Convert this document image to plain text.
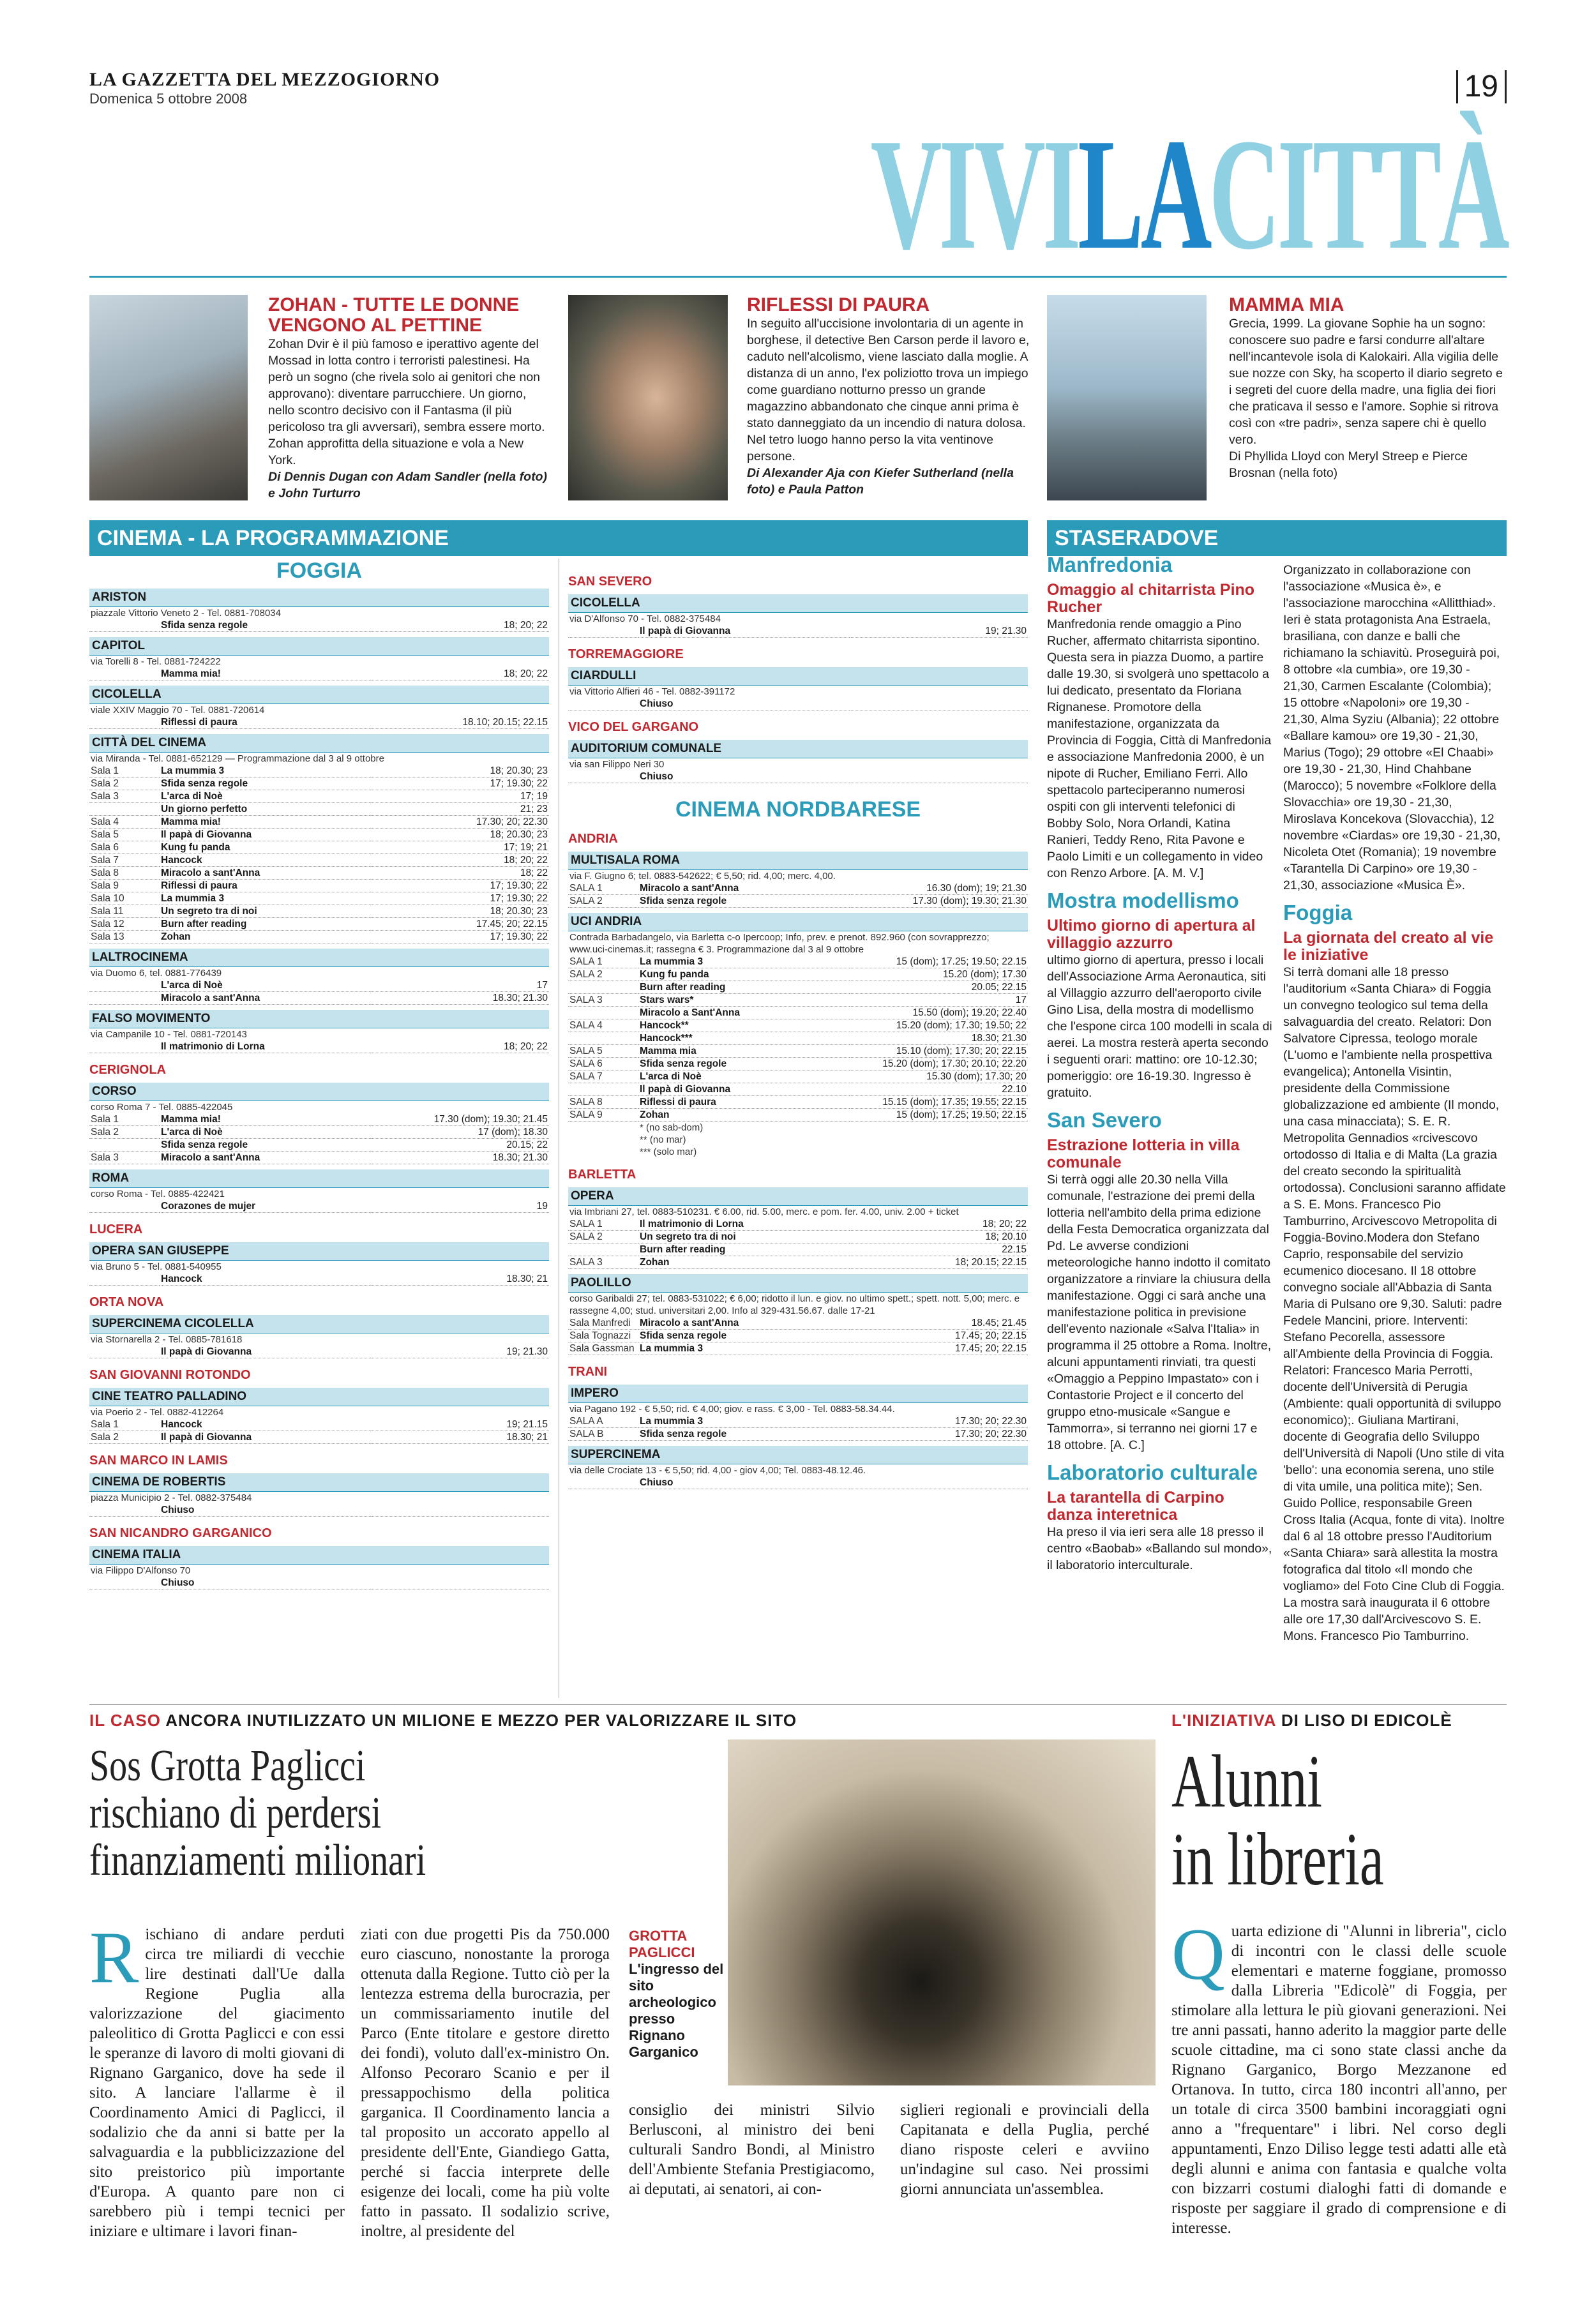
LA GAZZETTA DEL MEZZOGIORNO
Domenica 5 ottobre 2008	19
VIVILACITTÀ
ZOHAN - TUTTE LE DONNE VENGONO AL PETTINE

Zohan Dvir è il più famoso e iperattivo agente del Mossad in lotta contro i terroristi palestinesi. Ha però un sogno (che rivela solo ai genitori che non approvano): diventare parrucchiere. Un giorno, nello scontro decisivo con il Fantasma (il più pericoloso tra gli avversari), sembra essere morto. Zohan approfitta della situazione e vola a New York.

Di Dennis Dugan con Adam Sandler (nella foto) e John Turturro

RIFLESSI DI PAURA

In seguito all'uccisione involontaria di un agente in borghese, il detective Ben Carson perde il lavoro e, caduto nell'alcolismo, viene lasciato dalla moglie. A distanza di un anno, l'ex poliziotto trova un impiego come guardiano notturno presso un grande magazzino abbandonato che cinque anni prima è stato danneggiato da un incendio di natura dolosa. Nel tetro luogo hanno perso la vita ventinove persone.

Di Alexander Aja con Kiefer Sutherland (nella foto) e Paula Patton

MAMMA MIA

Grecia, 1999. La giovane Sophie ha un sogno: conoscere suo padre e farsi condurre all'altare nell'incantevole isola di Kalokairi. Alla vigilia delle sue nozze con Sky, ha scoperto il diario segreto e i segreti del cuore della madre, una figlia dei fiori che praticava il sesso e l'amore. Sophie si ritrova così con «tre padri», senza sapere chi è quello vero.

Di Phyllida Lloyd con Meryl Streep e Pierce Brosnan (nella foto)

CINEMA - LA PROGRAMMAZIONE
FOGGIA
ARISTON
piazzale Vittorio Veneto 2 - Tel. 0881-708034
	Sfida senza regole	18; 20; 22
CAPITOL
via Torelli 8 - Tel. 0881-724222
	Mamma mia!	18; 20; 22
CICOLELLA
viale XXIV Maggio 70 - Tel. 0881-720614
	Riflessi di paura	18.10; 20.15; 22.15
CITTÀ DEL CINEMA
via Miranda - Tel. 0881-652129 — Programmazione dal 3 al 9 ottobre
Sala 1	La mummia 3	18; 20.30; 23
Sala 2	Sfida senza regole	17; 19.30; 22
Sala 3	L'arca di Noè	17; 19
	Un giorno perfetto	21; 23
Sala 4	Mamma mia!	17.30; 20; 22.30
Sala 5	Il papà di Giovanna	18; 20.30; 23
Sala 6	Kung fu panda	17; 19; 21
Sala 7	Hancock	18; 20; 22
Sala 8	Miracolo a sant'Anna	18; 22
Sala 9	Riflessi di paura	17; 19.30; 22
Sala 10	La mummia 3	17; 19.30; 22
Sala 11	Un segreto tra di noi	18; 20.30; 23
Sala 12	Burn after reading	17.45; 20; 22.15
Sala 13	Zohan	17; 19.30; 22
LALTROCINEMA
via Duomo 6, tel. 0881-776439
	L'arca di Noè	17
	Miracolo a sant'Anna	18.30; 21.30
FALSO MOVIMENTO
via Campanile 10 - Tel. 0881-720143
	Il matrimonio di Lorna	18; 20; 22
CERIGNOLA
CORSO
corso Roma 7 - Tel. 0885-422045
Sala 1	Mamma mia!	17.30 (dom); 19.30; 21.45
Sala 2	L'arca di Noè	17 (dom); 18.30
	Sfida senza regole	20.15; 22
Sala 3	Miracolo a sant'Anna	18.30; 21.30
ROMA
corso Roma - Tel. 0885-422421
	Corazones de mujer	19
LUCERA
OPERA SAN GIUSEPPE
via Bruno 5 - Tel. 0881-540955
	Hancock	18.30; 21
ORTA NOVA
SUPERCINEMA CICOLELLA
via Stornarella 2 - Tel. 0885-781618
	Il papà di Giovanna	19; 21.30
SAN GIOVANNI ROTONDO
CINE TEATRO PALLADINO
via Poerio 2 - Tel. 0882-412264
Sala 1	Hancock	19; 21.15
Sala 2	Il papà di Giovanna	18.30; 21
SAN MARCO IN LAMIS
CINEMA DE ROBERTIS
piazza Municipio 2 - Tel. 0882-375484
	Chiuso	
SAN NICANDRO GARGANICO
CINEMA ITALIA
via Filippo D'Alfonso 70
	Chiuso	
SAN SEVERO
CICOLELLA
via D'Alfonso 70 - Tel. 0882-375484
	Il papà di Giovanna	19; 21.30
TORREMAGGIORE
CIARDULLI
via Vittorio Alfieri 46 - Tel. 0882-391172
	Chiuso	
VICO DEL GARGANO
AUDITORIUM COMUNALE
via san Filippo Neri 30
	Chiuso	
CINEMA NORDBARESE
ANDRIA
MULTISALA ROMA
via F. Giugno 6; tel. 0883-542622; € 5,50; rid. 4,00; merc. 4,00.
SALA 1	Miracolo a sant'Anna	16.30 (dom); 19; 21.30
SALA 2	Sfida senza regole	17.30 (dom); 19.30; 21.30
UCI ANDRIA
Contrada Barbadangelo, via Barletta c-o Ipercoop; Info, prev. e prenot. 892.960 (con sovrapprezzo; www.uci-cinemas.it; rassegna € 3. Programmazione dal 3 al 9 ottobre
SALA 1	La mummia 3	15 (dom); 17.25; 19.50; 22.15
SALA 2	Kung fu panda	15.20 (dom); 17.30
	Burn after reading	20.05; 22.15
SALA 3	Stars wars*	17
	Miracolo a Sant'Anna	15.50 (dom); 19.20; 22.40
SALA 4	Hancock**	15.20 (dom); 17.30; 19.50; 22
	Hancock***	18.30; 21.30
SALA 5	Mamma mia	15.10 (dom); 17.30; 20; 22.15
SALA 6	Sfida senza regole	15.20 (dom); 17.30; 20.10; 22.20
SALA 7	L'arca di Noè	15.30 (dom); 17.30; 20
	Il papà di Giovanna	22.10
SALA 8	Riflessi di paura	15.15 (dom); 17.35; 19.55; 22.15
SALA 9	Zohan	15 (dom); 17.25; 19.50; 22.15
* (no sab-dom)
** (no mar)
*** (solo mar)
BARLETTA
OPERA
via Imbriani 27, tel. 0883-510231. € 6.00, rid. 5.00, merc. e pom. fer. 4.00, univ. 2.00 + ticket
SALA 1	Il matrimonio di Lorna	18; 20; 22
SALA 2	Un segreto tra di noi	18; 20.10
	Burn after reading	22.15
SALA 3	Zohan	18; 20.15; 22.15
PAOLILLO
corso Garibaldi 27; tel. 0883-531022; € 6,00; ridotto il lun. e giov. no ultimo spett.; spett. nott. 5,00; merc. e rassegne 4,00; stud. universitari 2,00. Info al 329-431.56.67. dalle 17-21
Sala Manfredi	Miracolo a sant'Anna	18.45; 21.45
Sala Tognazzi	Sfida senza regole	17.45; 20; 22.15
Sala Gassman	La mummia 3	17.45; 20; 22.15
TRANI
IMPERO
via Pagano 192 - € 5,50; rid. € 4,00; giov. e rass. € 3,00 - Tel. 0883-58.34.44.
SALA A	La mummia 3	17.30; 20; 22.30
SALA B	Sfida senza regole	17.30; 20; 22.30
SUPERCINEMA
via delle Crociate 13 - € 5,50; rid. 4,00 - giov 4,00; Tel. 0883-48.12.46.
	Chiuso	
STASERADOVE
Manfredonia
Omaggio al chitarrista Pino Rucher

Manfredonia rende omaggio a Pino Rucher, affermato chitarrista sipontino. Questa sera in piazza Duomo, a partire dalle 19.30, si svolgerà uno spettacolo a lui dedicato, presentato da Floriana Rignanese. Promotore della manifestazione, organizzata da Provincia di Foggia, Città di Manfredonia e associazione Manfredonia 2000, è un nipote di Rucher, Emiliano Ferri. Allo spettacolo parteciperanno numerosi ospiti con gli interventi telefonici di Bobby Solo, Nora Orlandi, Katina Ranieri, Teddy Reno, Rita Pavone e Paolo Limiti e un collegamento in video con Renzo Arbore. [A. M. V.]

Mostra modellismo
Ultimo giorno di apertura al villaggio azzurro

ultimo giorno di apertura, presso i locali dell'Associazione Arma Aeronautica, siti al Villaggio azzurro dell'aeroporto civile Gino Lisa, della mostra di modellismo che l'espone circa 100 modelli in scala di aerei. La mostra resterà aperta secondo i seguenti orari: mattino: ore 10-12.30; pomeriggio: ore 16-19.30. Ingresso è gratuito.

San Severo
Estrazione lotteria in villa comunale

Si terrà oggi alle 20.30 nella Villa comunale, l'estrazione dei premi della lotteria nell'ambito della prima edizione della Festa Democratica organizzata dal Pd. Le avverse condizioni meteorologiche hanno indotto il comitato organizzatore a rinviare la chiusura della manifestazione. Oggi ci sarà anche una manifestazione politica in previsione dell'evento nazionale «Salva l'Italia» in programma il 25 ottobre a Roma. Inoltre, alcuni appuntamenti rinviati, tra questi «Omaggio a Peppino Impastato» con i Contastorie Project e il concerto del gruppo etno-musicale «Sangue e Tammorra», si terranno nei giorni 17 e 18 ottobre. [A. C.]

Laboratorio culturale
La tarantella di Carpino danza interetnica

Ha preso il via ieri sera alle 18 presso il centro «Baobab» «Ballando sul mondo», il laboratorio interculturale.

Organizzato in collaborazione con l'associazione «Musica è», e l'associazione marocchina «Allitthiad». Ieri è stata protagonista Ana Estraela, brasiliana, con danze e balli che richiamano la schiavitù. Proseguirà poi, 8 ottobre «la cumbia», ore 19,30 - 21,30, Carmen Escalante (Colombia); 15 ottobre «Napoloni» ore 19,30 - 21,30, Alma Syziu (Albania); 22 ottobre «Ballare kamou» ore 19,30 - 21,30, Marius (Togo); 29 ottobre «El Chaabi» ore 19,30 - 21,30, Hind Chahbane (Marocco); 5 novembre «Folklore della Slovacchia» ore 19,30 - 21,30, Miroslava Koncekova (Slovacchia), 12 novembre «Ciardas» ore 19,30 - 21,30, Nicoleta Otet (Romania); 19 novembre «Tarantella Di Carpino» ore 19,30 - 21,30, associazione «Musica È».

Foggia
La giornata del creato al vie le iniziative

Si terrà domani alle 18 presso l'auditorium «Santa Chiara» di Foggia un convegno teologico sul tema della salvaguardia del creato. Relatori: Don Salvatore Cipressa, teologo morale (L'uomo e l'ambiente nella prospettiva evangelica); Antonella Visintin, presidente della Commissione globalizzazione ed ambiente (Il mondo, una casa minacciata); S. E. R. Metropolita Gennadios «rcivescovo ortodosso di Italia e di Malta (La grazia del creato secondo la spiritualità ortodossa). Conclusioni saranno affidate a S. E. Mons. Francesco Pio Tamburrino, Arcivescovo Metropolita di Foggia-Bovino.Modera don Stefano Caprio, responsabile del servizio ecumenico diocesano. Il 18 ottobre convegno sociale all'Abbazia di Santa Maria di Pulsano ore 9,30. Saluti: padre Fedele Mancini, priore. Interventi: Stefano Pecorella, assessore all'Ambiente della Provincia di Foggia. Relatori: Francesco Maria Perrotti, docente dell'Università di Perugia (Ambiente: quali opportunità di sviluppo economico);. Giuliana Martirani, docente di Geografia dello Sviluppo dell'Università di Napoli (Uno stile di vita 'bello': una economia serena, uno stile di vita umile, una politica mite); Sen. Guido Pollice, responsabile Green Cross Italia (Acqua, fonte di vita). Inoltre dal 6 al 18 ottobre presso l'Auditorium «Santa Chiara» sarà allestita la mostra fotografica dal titolo «Il mondo che vogliamo» del Foto Cine Club di Foggia. La mostra sarà inaugurata il 6 ottobre alle ore 17,30 dall'Arcivescovo S. E. Mons. Francesco Pio Tamburrino.

IL CASO ANCORA INUTILIZZATO UN MILIONE E MEZZO PER VALORIZZARE IL SITO
Sos Grotta Paglicci
rischiano di perdersi
finanziamenti milionari
Rischiano di andare perduti circa tre miliardi di vecchie lire destinati dall'Ue dalla Regione Puglia alla valorizzazione del giacimento paleolitico di Grotta Paglicci e con essi le speranze di lavoro di molti giovani di Rignano Garganico, dove ha sede il sito. A lanciare l'allarme è il Coordinamento Amici di Paglicci, il sodalizio che da anni si batte per la salvaguardia e la pubblicizzazione del sito preistorico più importante d'Europa. A quanto pare non ci sarebbero più i tempi tecnici per iniziare e ultimare i lavori finan-
ziati con due progetti Pis da 750.000 euro ciascuno, nonostante la proroga ottenuta dalla Regione. Tutto ciò per la lentezza estrema della burocrazia, per un commissariamento inutile del Parco (Ente titolare e gestore diretto dei fondi), voluto dall'ex-ministro On. Alfonso Pecoraro Scanio e per il pressappochismo della politica garganica. Il Coordinamento lancia a tal proposito un accorato appello al presidente dell'Ente, Giandiego Gatta, perché si faccia interprete delle esigenze dei locali, come ha più volte fatto in passato. Il sodalizio scrive, inoltre, al presidente del
GROTTA PAGLICCI

L'ingresso del sito archeologico presso Rignano Garganico

consiglio dei ministri Silvio Berlusconi, al ministro dei beni culturali Sandro Bondi, al Ministro dell'Ambiente Stefania Prestigiacomo, ai deputati, ai senatori, ai con-
siglieri regionali e provinciali della Capitanata e della Puglia, perché diano risposte celeri e avviino un'indagine sul caso. Nei prossimi giorni annunciata un'assemblea.
L'INIZIATIVA DI LISO DI EDICOLÈ
Alunni
in libreria
Quarta edizione di "Alunni in libreria", ciclo di incontri con le classi delle scuole elementari e materne foggiane, promosso dalla Libreria "Edicolè" di Foggia, per stimolare alla lettura le più giovani generazioni. Nei tre anni passati, hanno aderito la maggior parte delle scuole cittadine, ma ci sono state classi anche da Rignano Garganico, Borgo Mezzanone ed Ortanova. In tutto, circa 180 incontri all'anno, per un totale di circa 3500 bambini incoraggiati ogni anno a "frequentare" i libri. Nel corso degli appuntamenti, Enzo Diliso legge testi adatti alle età degli alunni e anima con fantasia e qualche volta con bizzarri costumi dialoghi fatti di domande e risposte per saggiare il grado di comprensione e di interesse.
